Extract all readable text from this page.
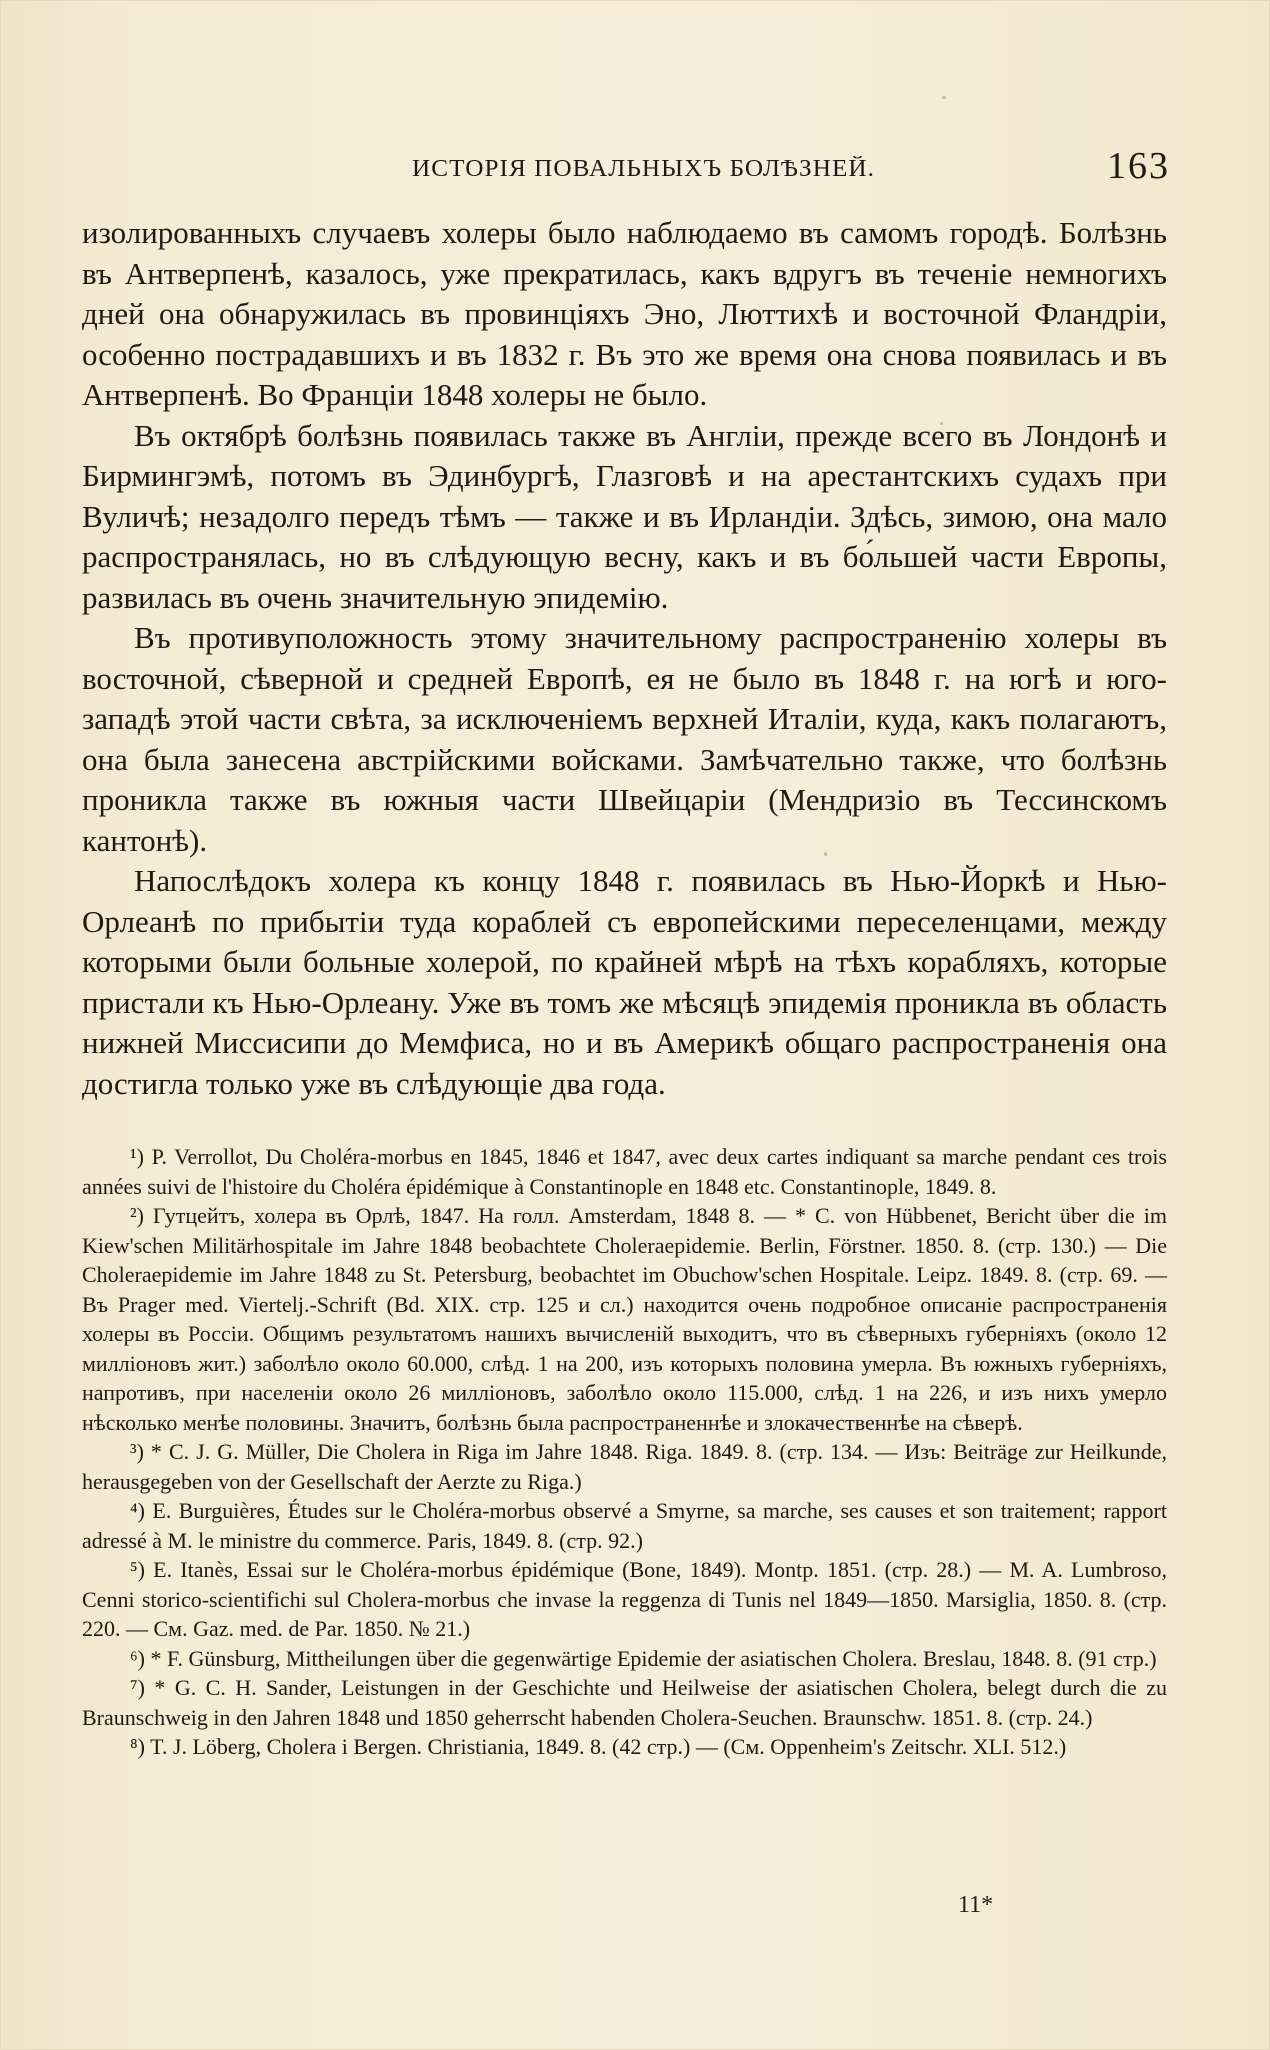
ИСТОРІЯ ПОВАЛЬНЫХЪ БОЛѢЗНЕЙ.	163

изолированныхъ случаевъ холеры было наблюдаемо въ самомъ городѣ. Болѣзнь въ Антверпенѣ, казалось, уже прекратилась, какъ вдругъ въ теченіе немногихъ дней она обнаружилась въ провинціяхъ Эно, Люттихѣ и восточной Фландріи, особенно пострадавшихъ и въ 1832 г. Въ это же время она снова появилась и въ Антверпенѣ. Во Франціи 1848 холеры не было.

Въ октябрѣ болѣзнь появилась также въ Англіи, прежде всего въ Лондонѣ и Бирмингэмѣ, потомъ въ Эдинбургѣ, Глазговѣ и на арестантскихъ судахъ при Вуличѣ; незадолго передъ тѣмъ — также и въ Ирландіи. Здѣсь, зимою, она мало распространялась, но въ слѣдующую весну, какъ и въ бо́льшей части Европы, развилась въ очень значительную эпидемію.

Въ противуположность этому значительному распространенію холеры въ восточной, сѣверной и средней Европѣ, ея не было въ 1848 г. на югѣ и юго-западѣ этой части свѣта, за исключеніемъ верхней Италіи, куда, какъ полагаютъ, она была занесена австрійскими войсками. Замѣчательно также, что болѣзнь проникла также въ южныя части Швейцаріи (Мендризіо въ Тессинскомъ кантонѣ).

Напослѣдокъ холера къ концу 1848 г. появилась въ Нью-Йоркѣ и Нью-Орлеанѣ по прибытіи туда кораблей съ европейскими переселенцами, между которыми были больные холерой, по крайней мѣрѣ на тѣхъ корабляхъ, которые пристали къ Нью-Орлеану. Уже въ томъ же мѣсяцѣ эпидемія проникла въ область нижней Миссисипи до Мемфиса, но и въ Америкѣ общаго распространенія она достигла только уже въ слѣдующіе два года.

¹) P. Verrollot, Du Choléra-morbus en 1845, 1846 et 1847, avec deux cartes indiquant sa marche pendant ces trois années suivi de l'histoire du Choléra épidémique à Constantinople en 1848 etc. Constantinople, 1849. 8.

²) Гутцейтъ, холера въ Орлѣ, 1847. На голл. Amsterdam, 1848 8. — * C. von Hübbenet, Bericht über die im Kiew'schen Militärhospitale im Jahre 1848 beobachtete Choleraepidemie. Berlin, Förstner. 1850. 8. (стр. 130.) — Die Choleraepidemie im Jahre 1848 zu St. Petersburg, beobachtet im Obuchow'schen Hospitale. Leipz. 1849. 8. (стр. 69. — Въ Prager med. Viertelj.-Schrift (Bd. XIX. стр. 125 и сл.) находится очень подробное описаніе распространенія холеры въ Россіи. Общимъ результатомъ нашихъ вычисленій выходитъ, что въ сѣверныхъ губерніяхъ (около 12 милліоновъ жит.) заболѣло около 60.000, слѣд. 1 на 200, изъ которыхъ половина умерла. Въ южныхъ губерніяхъ, напротивъ, при населеніи около 26 милліоновъ, заболѣло около 115.000, слѣд. 1 на 226, и изъ нихъ умерло нѣсколько менѣе половины. Значитъ, болѣзнь была распространеннѣе и злокачественнѣе на сѣверѣ.

³) * C. J. G. Müller, Die Cholera in Riga im Jahre 1848. Riga. 1849. 8. (стр. 134. — Изъ: Beiträge zur Heilkunde, herausgegeben von der Gesellschaft der Aerzte zu Riga.)

⁴) E. Burguières, Études sur le Choléra-morbus observé a Smyrne, sa marche, ses causes et son traitement; rapport adressé à M. le ministre du commerce. Paris, 1849. 8. (стр. 92.)

⁵) E. Itanès, Essai sur le Choléra-morbus épidémique (Bone, 1849). Montp. 1851. (стр. 28.) — M. A. Lumbroso, Cenni storico-scientifichi sul Cholera-morbus che invase la reggenza di Tunis nel 1849—1850. Marsiglia, 1850. 8. (стр. 220. — См. Gaz. med. de Par. 1850. № 21.)

⁶) * F. Günsburg, Mittheilungen über die gegenwärtige Epidemie der asiatischen Cholera. Breslau, 1848. 8. (91 стр.)

⁷) * G. C. H. Sander, Leistungen in der Geschichte und Heilweise der asiatischen Cholera, belegt durch die zu Braunschweig in den Jahren 1848 und 1850 geherrscht habenden Cholera-Seuchen. Braunschw. 1851. 8. (стр. 24.)

⁸) T. J. Löberg, Cholera i Bergen. Christiania, 1849. 8. (42 стр.) — (См. Oppenheim's Zeitschr. XLI. 512.)

11*
